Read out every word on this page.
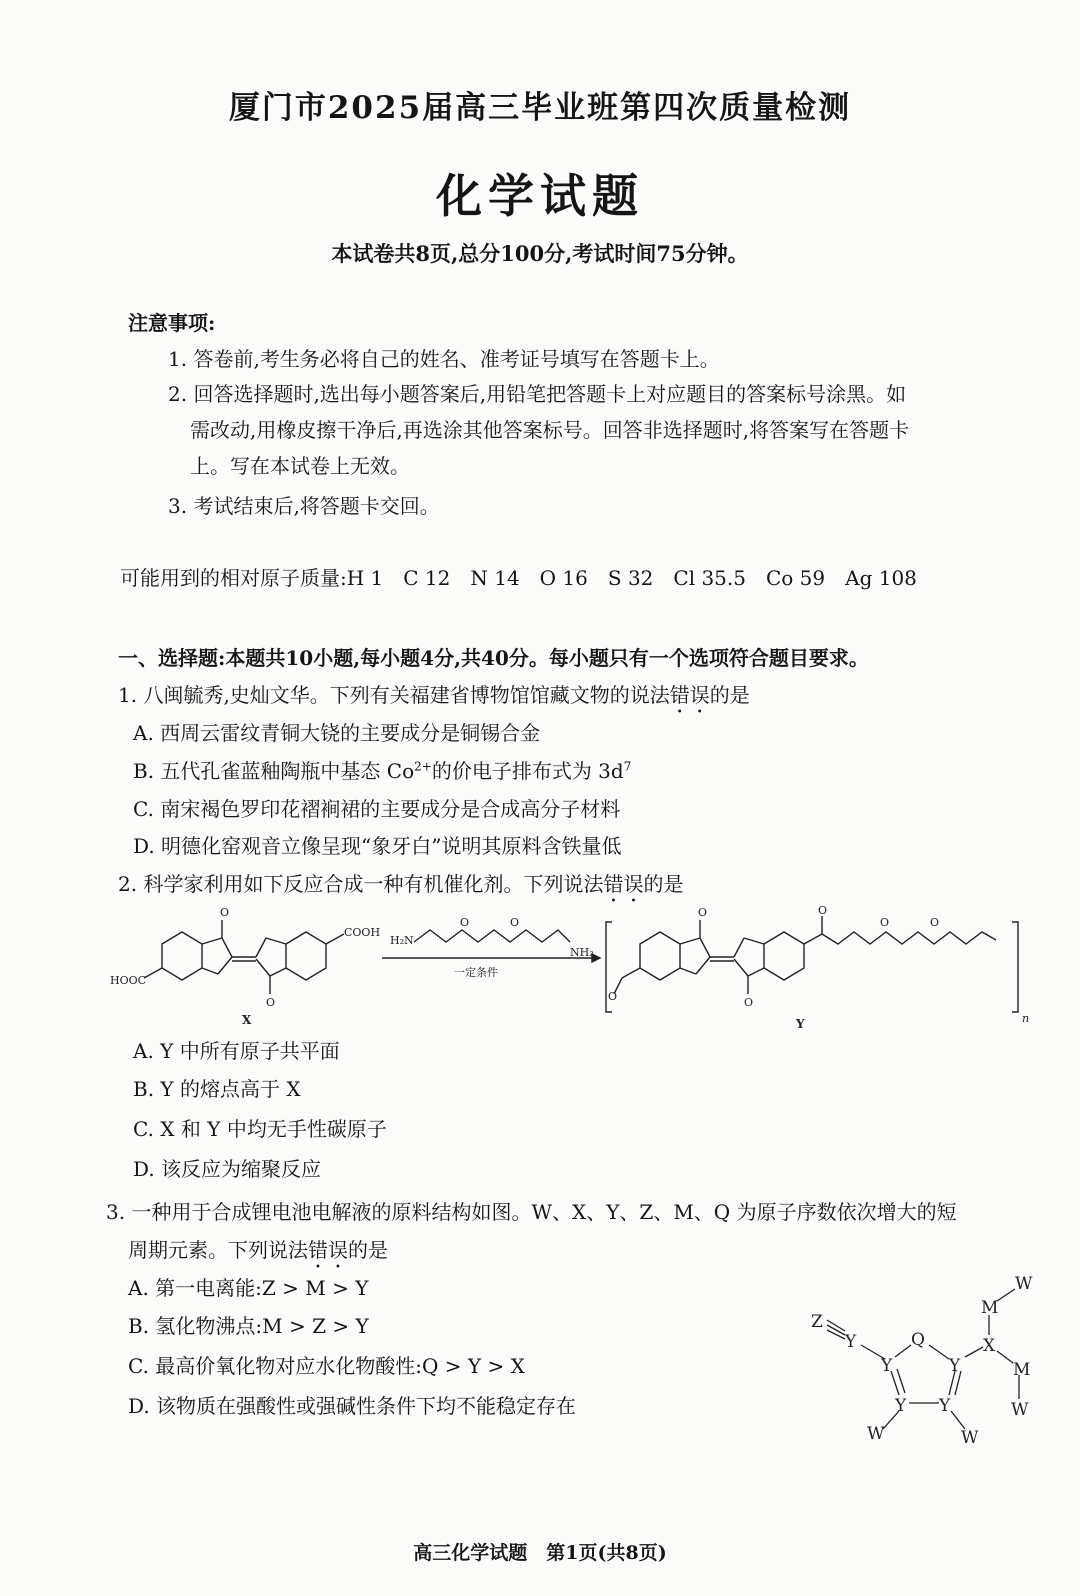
厦门市2025届高三毕业班第四次质量检测
化学试题
本试卷共8页,总分100分,考试时间75分钟。
注意事项:
1. 答卷前,考生务必将自己的姓名、准考证号填写在答题卡上。
2. 回答选择题时,选出每小题答案后,用铅笔把答题卡上对应题目的答案标号涂黑。如
需改动,用橡皮擦干净后,再选涂其他答案标号。回答非选择题时,将答案写在答题卡
上。写在本试卷上无效。
3. 考试结束后,将答题卡交回。
可能用到的相对原子质量:H 1　C 12　N 14　O 16　S 32　Cl 35.5　Co 59　Ag 108
一、选择题:本题共10小题,每小题4分,共40分。每小题只有一个选项符合题目要求。
1. 八闽毓秀,史灿文华。下列有关福建省博物馆馆藏文物的说法错误的是
A. 西周云雷纹青铜大铙的主要成分是铜锡合金
B. 五代孔雀蓝釉陶瓶中基态 $Co^{2+}$的价电子排布式为 $3d^7$
C. 南宋褐色罗印花褶裥裙的主要成分是合成高分子材料
D. 明德化窑观音立像呈现“象牙白”说明其原料含铁量低
2. 科学家利用如下反应合成一种有机催化剂。下列说法错误的是
O
O
COOH
HOOC
H₂N
NH₂
O	O
O
O
O
O
O	O
n
一定条件
X	Y
A. Y 中所有原子共平面
B. Y 的熔点高于 X
C. X 和 Y 中均无手性碳原子
D. 该反应为缩聚反应
3. 一种用于合成锂电池电解液的原料结构如图。W、X、Y、Z、M、Q 为原子序数依次增大的短
周期元素。下列说法错误的是
A. 第一电离能:Z > M > Y
B. 氢化物沸点:M > Z > Y
C. 最高价氧化物对应水化物酸性:Q > Y > X
D. 该物质在强酸性或强碱性条件下均不能稳定存在
Z
Y
Y
Q
Y
Y Y
X
M
M
W
W
W	W
高三化学试题　第1页(共8页)
